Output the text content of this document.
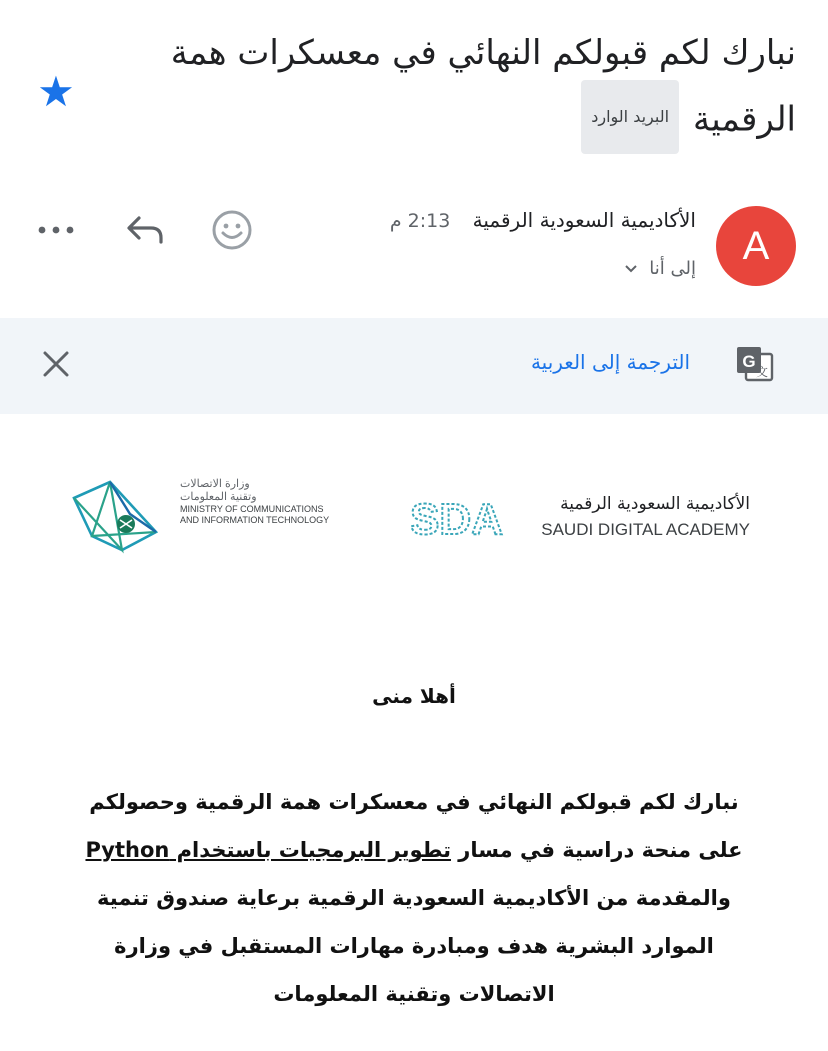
نبارك لكم قبولكم النهائي في معسكرات همة الرقميةالبريد الوارد
★
A
الأكاديمية السعودية الرقمية 2:13 م
إلى أنا
G
文
الترجمة إلى العربية
وزارة الاتصالات
وتقنية المعلومات
MINISTRY OF COMMUNICATIONS
AND INFORMATION TECHNOLOGY	SDA	الأكاديمية السعودية الرقمية
SAUDI DIGITAL ACADEMY
أهلا منى
نبارك لكم قبولكم النهائي في معسكرات همة الرقمية وحصولكم على منحة دراسية في مسار تطوير البرمجيات باستخدام Python والمقدمة من الأكاديمية السعودية الرقمية برعاية صندوق تنمية الموارد البشرية هدف ومبادرة مهارات المستقبل في وزارة الاتصالات وتقنية المعلومات
